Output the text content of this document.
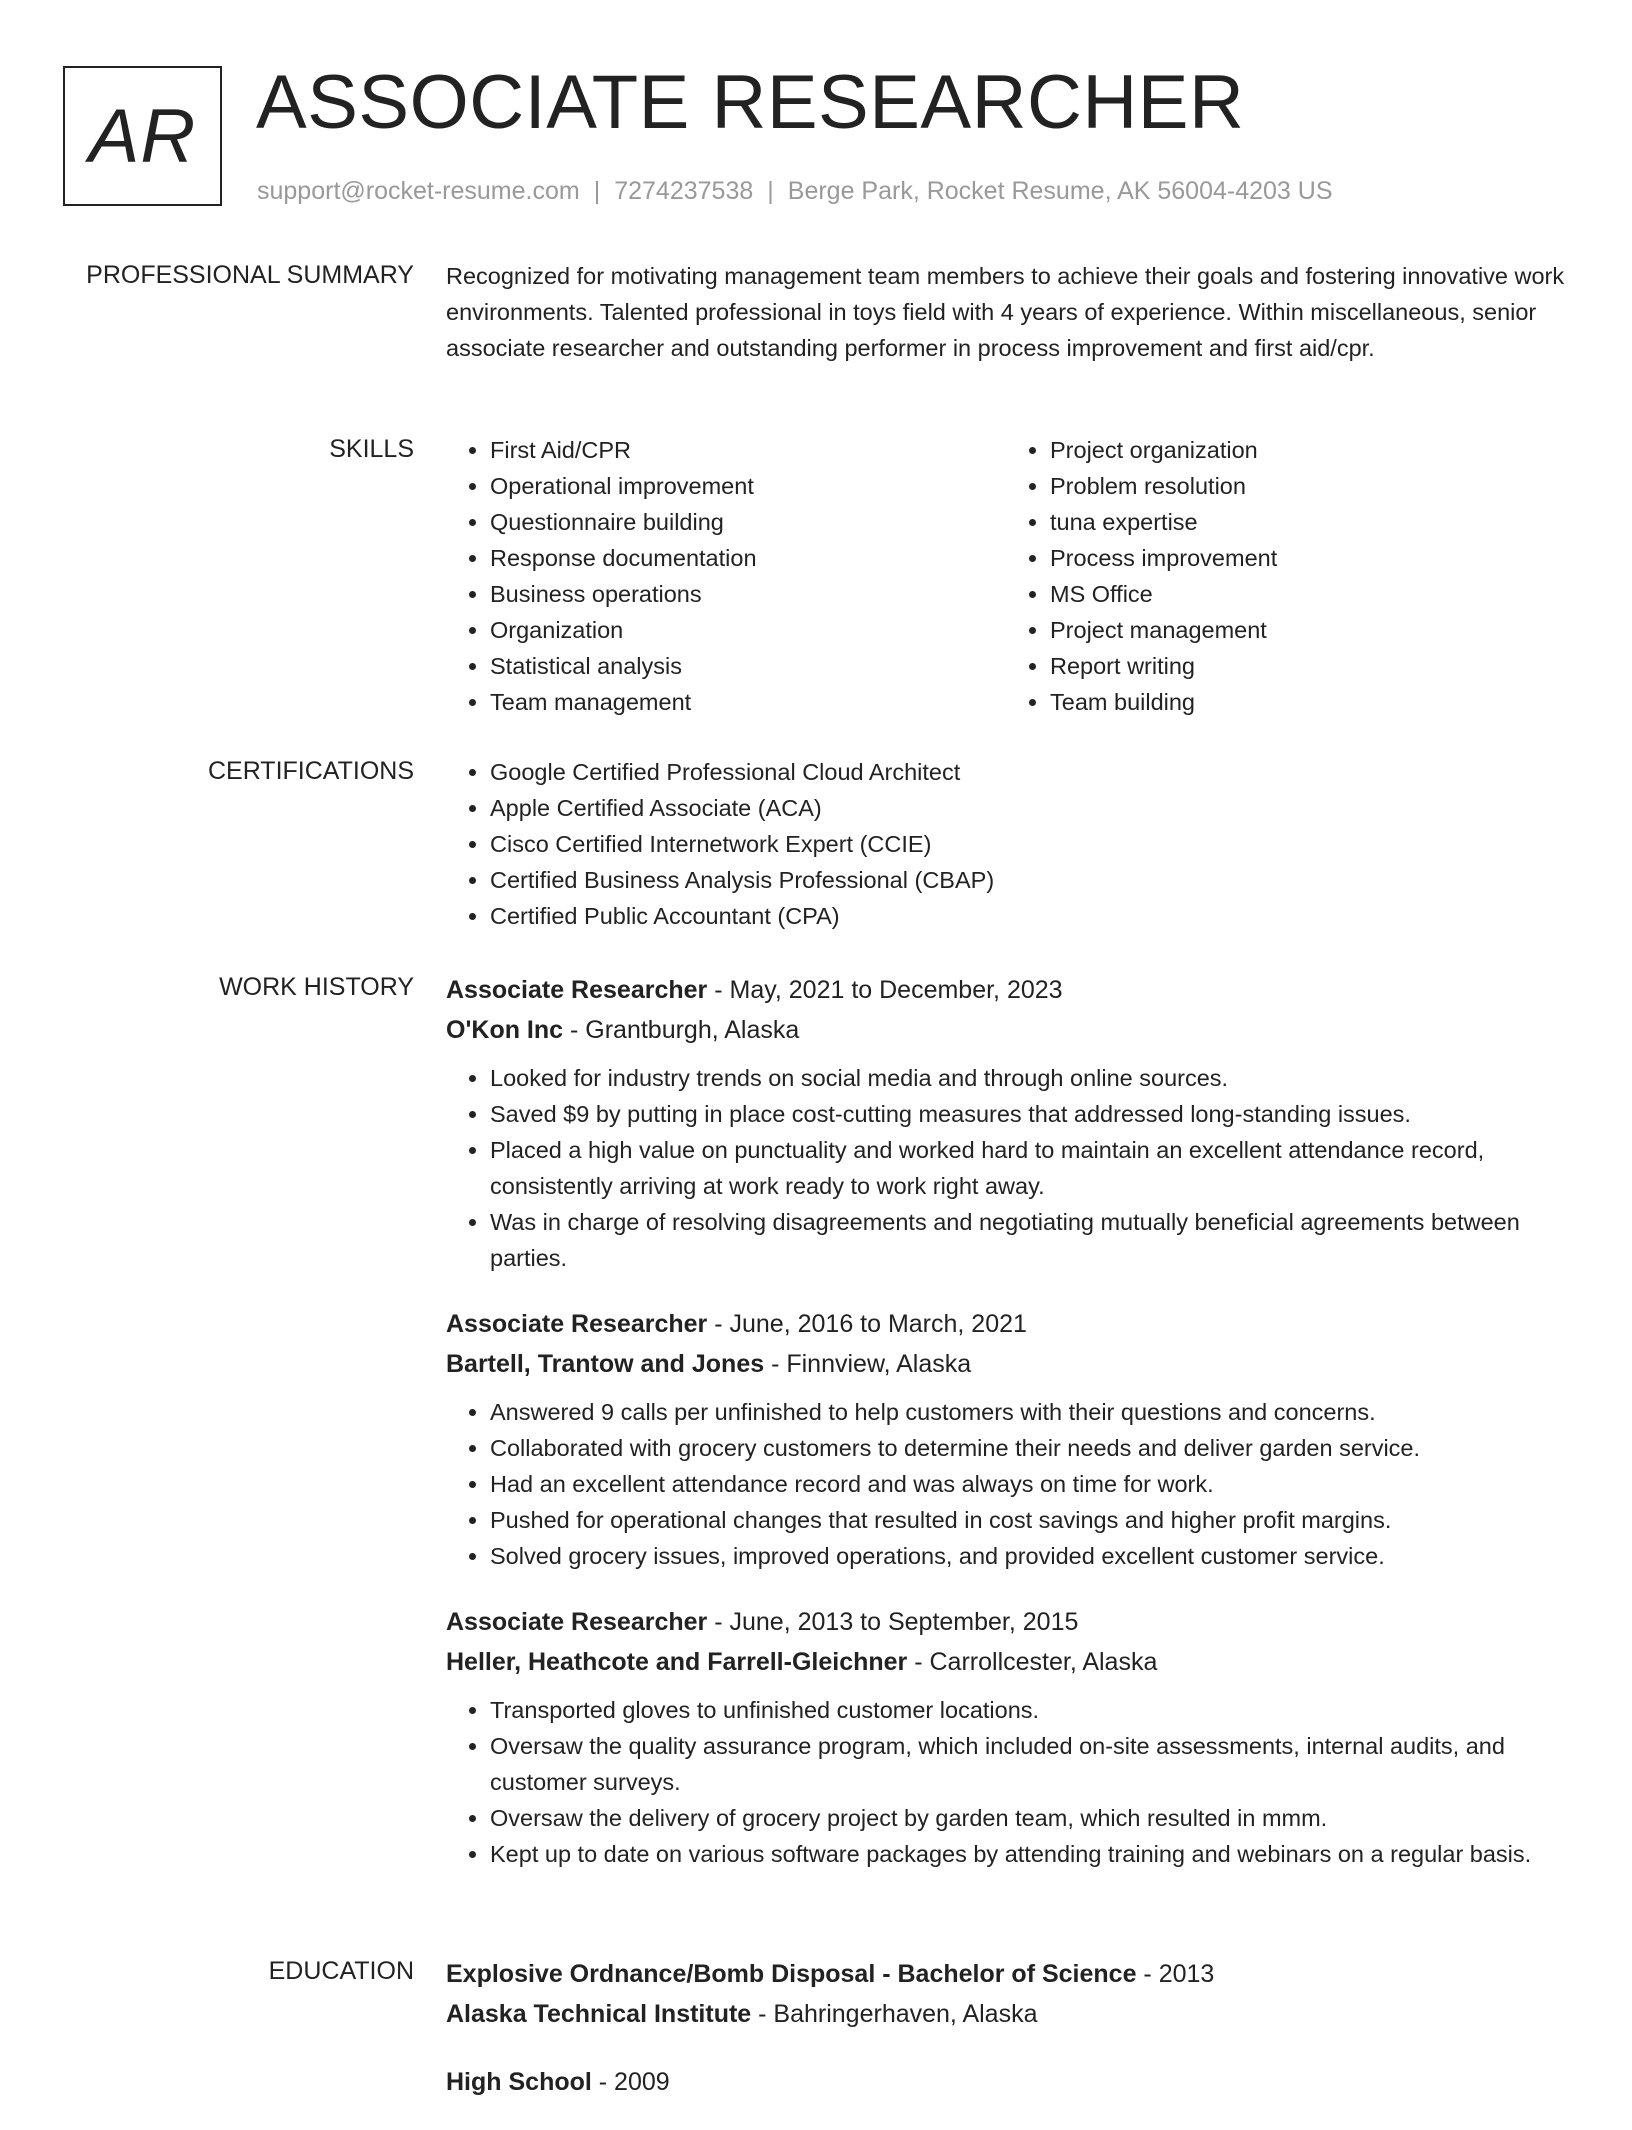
AR ASSOCIATE RESEARCHER
support@rocket-resume.com | 7274237538 | Berge Park, Rocket Resume, AK 56004-4203 US
PROFESSIONAL SUMMARY Recognized for motivating management team members to achieve their goals and fostering innovative work environments. Talented professional in toys field with 4 years of experience. Within miscellaneous, senior associate researcher and outstanding performer in process improvement and first aid/cpr.

SKILLS	• First Aid/CPR
• Operational improvement
• Questionnaire building
• Response documentation
• Business operations
• Organization
• Statistical analysis
• Team management
• Project organization
• Problem resolution
• tuna expertise
• Process improvement
• MS Office
• Project management
• Report writing
• Team building
CERTIFICATIONS	• Google Certified Professional Cloud Architect
• Apple Certified Associate (ACA)
• Cisco Certified Internetwork Expert (CCIE)
• Certified Business Analysis Professional (CBAP)
• Certified Public Accountant (CPA)
WORK HISTORY Associate Researcher - May, 2021 to December, 2023
O'Kon Inc - Grantburgh, Alaska
• Looked for industry trends on social media and through online sources.
• Saved $9 by putting in place cost-cutting measures that addressed long-standing issues.
• Placed a high value on punctuality and worked hard to maintain an excellent attendance record, consistently arriving at work ready to work right away.
• Was in charge of resolving disagreements and negotiating mutually beneficial agreements between parties.
Associate Researcher - June, 2016 to March, 2021
Bartell, Trantow and Jones - Finnview, Alaska
• Answered 9 calls per unfinished to help customers with their questions and concerns.
• Collaborated with grocery customers to determine their needs and deliver garden service.
• Had an excellent attendance record and was always on time for work.
• Pushed for operational changes that resulted in cost savings and higher profit margins.
• Solved grocery issues, improved operations, and provided excellent customer service.
Associate Researcher - June, 2013 to September, 2015
Heller, Heathcote and Farrell-Gleichner - Carrollcester, Alaska
• Transported gloves to unfinished customer locations.
• Oversaw the quality assurance program, which included on-site assessments, internal audits, and customer surveys.
• Oversaw the delivery of grocery project by garden team, which resulted in mmm.
• Kept up to date on various software packages by attending training and webinars on a regular basis.
EDUCATION Explosive Ordnance/Bomb Disposal - Bachelor of Science - 2013
Alaska Technical Institute - Bahringerhaven, Alaska
High School - 2009
